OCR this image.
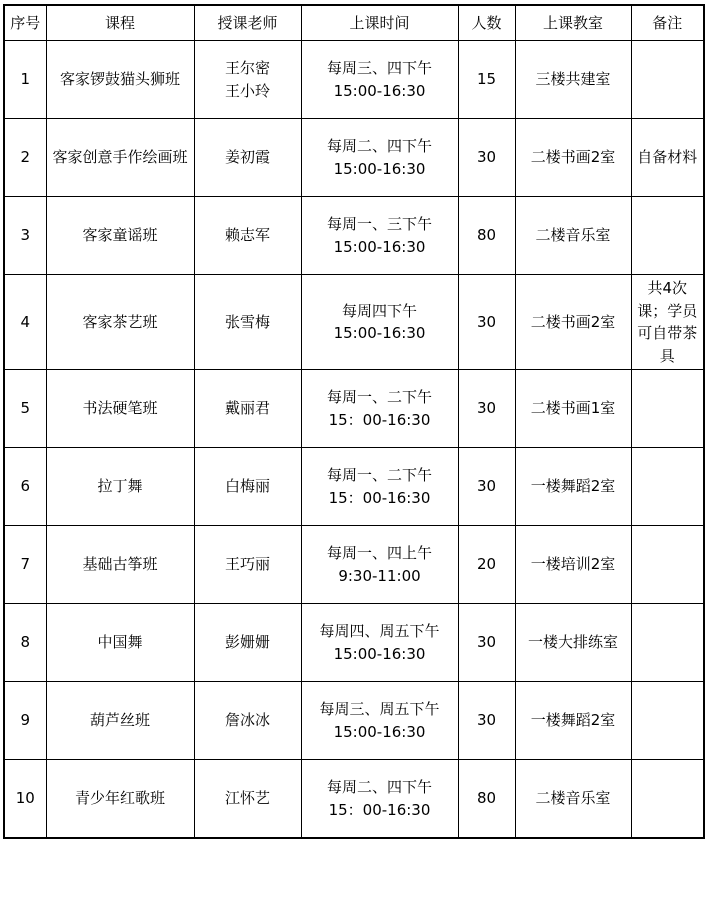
序号	课程	授课老师	上课时间	人数	上课教室	备注
1	客家锣鼓猫头狮班	王尔密
王小玲	每周三、四下午
15:00-16:30	15	三楼共建室	
2	客家创意手作绘画班	姜初霞	每周二、四下午
15:00-16:30	30	二楼书画2室	自备材料
3	客家童谣班	赖志军	每周一、三下午
15:00-16:30	80	二楼音乐室	
4	客家茶艺班	张雪梅	每周四下午
15:00-16:30	30	二楼书画2室	共4次课；学员可自带茶具
5	书法硬笔班	戴丽君	每周一、二下午
15：00-16:30	30	二楼书画1室	
6	拉丁舞	白梅丽	每周一、二下午
15：00-16:30	30	一楼舞蹈2室	
7	基础古筝班	王巧丽	每周一、四上午
9:30-11:00	20	一楼培训2室	
8	中国舞	彭姗姗	每周四、周五下午
15:00-16:30	30	一楼大排练室	
9	葫芦丝班	詹冰冰	每周三、周五下午
15:00-16:30	30	一楼舞蹈2室	
10	青少年红歌班	江怀艺	每周二、四下午
15：00-16:30	80	二楼音乐室	
